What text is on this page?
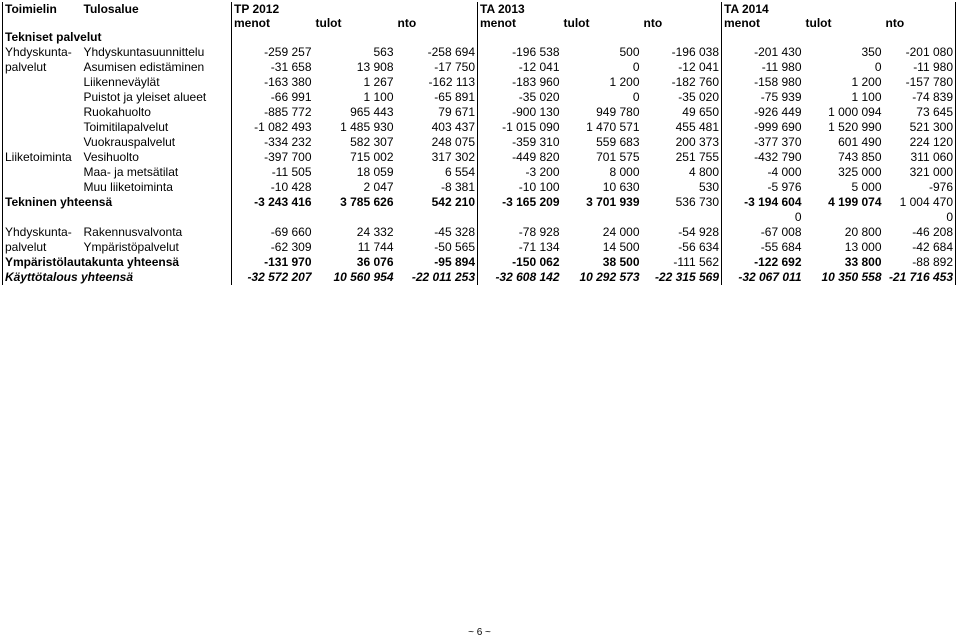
Toimielin	Tulosalue	TP 2012			TA 2013			TA 2014		
		menot	tulot	nto	menot	tulot	nto	menot	tulot	nto
Tekniset palvelut										
Yhdyskunta-	Yhdyskuntasuunnittelu	-259 257	563	-258 694	-196 538	500	-196 038	-201 430	350	-201 080
palvelut	Asumisen edistäminen	-31 658	13 908	-17 750	-12 041	0	-12 041	-11 980	0	-11 980
	Liikenneväylät	-163 380	1 267	-162 113	-183 960	1 200	-182 760	-158 980	1 200	-157 780
	Puistot ja yleiset alueet	-66 991	1 100	-65 891	-35 020	0	-35 020	-75 939	1 100	-74 839
	Ruokahuolto	-885 772	965 443	79 671	-900 130	949 780	49 650	-926 449	1 000 094	73 645
	Toimitilapalvelut	-1 082 493	1 485 930	403 437	-1 015 090	1 470 571	455 481	-999 690	1 520 990	521 300
	Vuokrauspalvelut	-334 232	582 307	248 075	-359 310	559 683	200 373	-377 370	601 490	224 120
Liiketoiminta	Vesihuolto	-397 700	715 002	317 302	-449 820	701 575	251 755	-432 790	743 850	311 060
	Maa- ja metsätilat	-11 505	18 059	6 554	-3 200	8 000	4 800	-4 000	325 000	321 000
	Muu liiketoiminta	-10 428	2 047	-8 381	-10 100	10 630	530	-5 976	5 000	-976
Tekninen yhteensä		-3 243 416	3 785 626	542 210	-3 165 209	3 701 939	536 730	-3 194 604	4 199 074	1 004 470
								0		0
Yhdyskunta-	Rakennusvalvonta	-69 660	24 332	-45 328	-78 928	24 000	-54 928	-67 008	20 800	-46 208
palvelut	Ympäristöpalvelut	-62 309	11 744	-50 565	-71 134	14 500	-56 634	-55 684	13 000	-42 684
Ympäristölautakunta yhteensä		-131 970	36 076	-95 894	-150 062	38 500	-111 562	-122 692	33 800	-88 892
Käyttötalous yhteensä		-32 572 207	10 560 954	-22 011 253	-32 608 142	10 292 573	-22 315 569	-32 067 011	10 350 558	-21 716 453
~ 6 ~
